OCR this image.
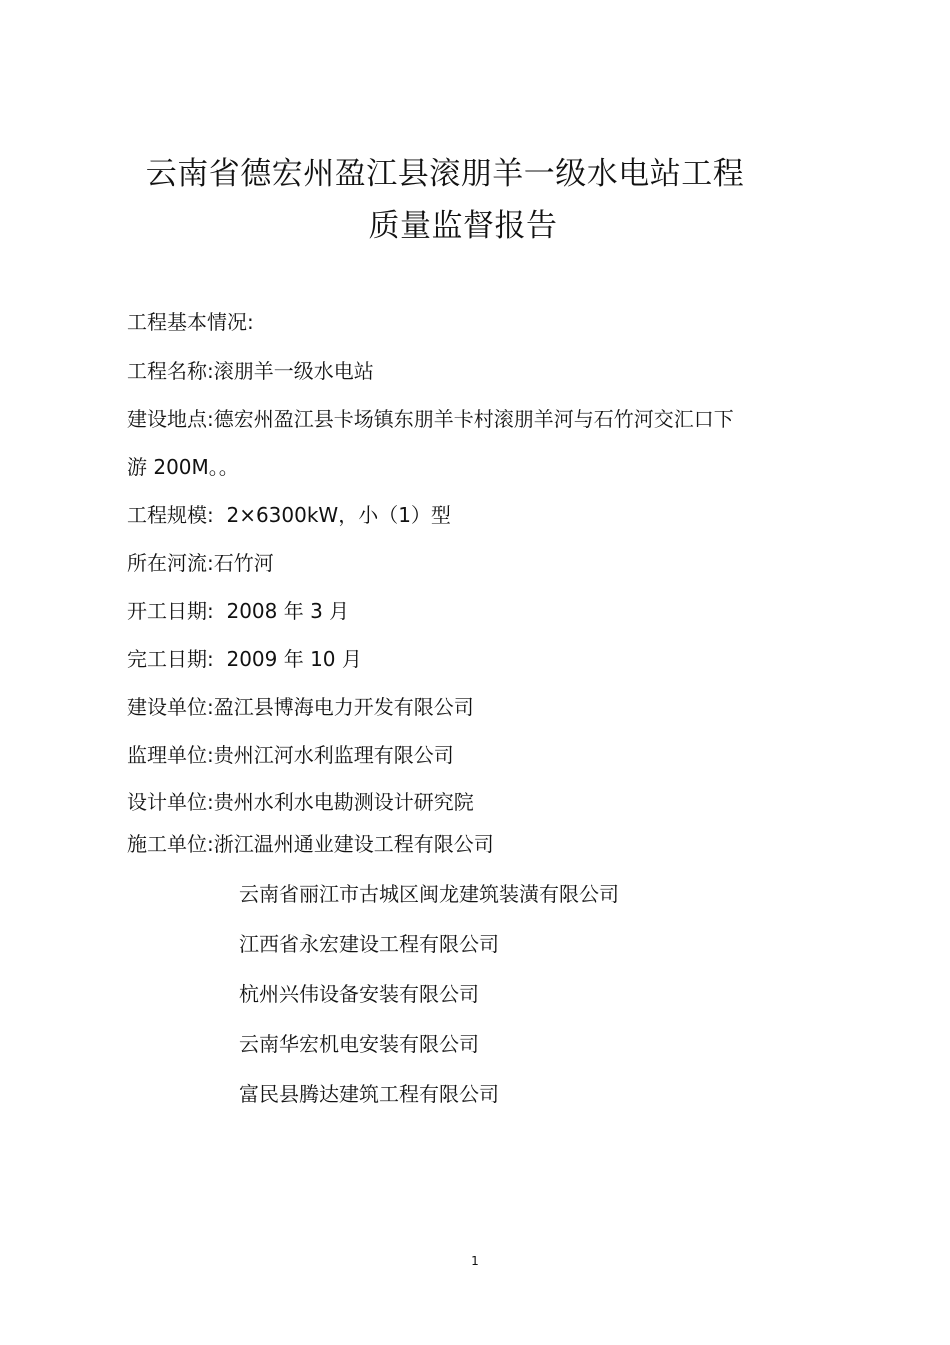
云南省德宏州盈江县滚朋羊一级水电站工程
质量监督报告
工程基本情况:
工程名称:滚朋羊一级水电站
建设地点:德宏州盈江县卡场镇东朋羊卡村滚朋羊河与石竹河交汇口下
游 200M。。
工程规模:  2×6300kW，小（1）型
所在河流:石竹河
开工日期:  2008 年 3 月
完工日期:  2009 年 10 月
建设单位:盈江县博海电力开发有限公司
监理单位:贵州江河水利监理有限公司
设计单位:贵州水利水电勘测设计研究院
施工单位:浙江温州通业建设工程有限公司
云南省丽江市古城区闽龙建筑装潢有限公司
江西省永宏建设工程有限公司
杭州兴伟设备安装有限公司
云南华宏机电安装有限公司
富民县腾达建筑工程有限公司
1
